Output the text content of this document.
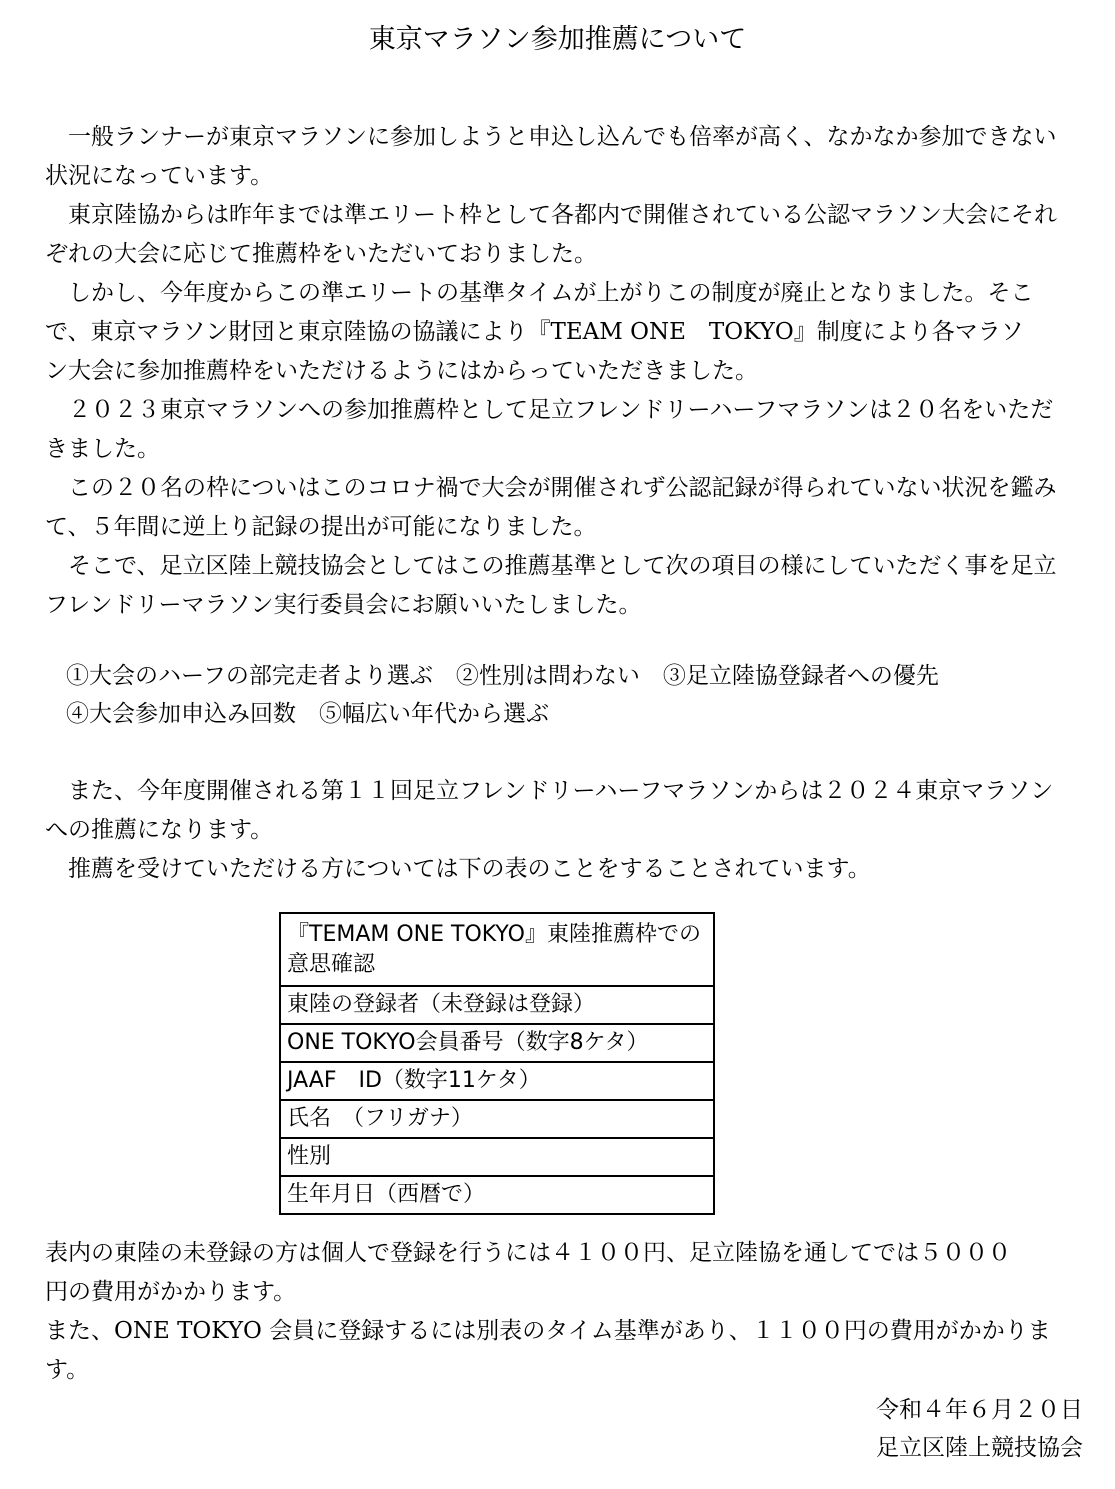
東京マラソン参加推薦について

一般ランナーが東京マラソンに参加しようと申込し込んでも倍率が高く、なかなか参加できない状況になっています。

東京陸協からは昨年までは準エリート枠として各都内で開催されている公認マラソン大会にそれぞれの大会に応じて推薦枠をいただいておりました。

しかし、今年度からこの準エリートの基準タイムが上がりこの制度が廃止となりました。そこで、東京マラソン財団と東京陸協の協議により『TEAM ONE　TOKYO』制度により各マラソン大会に参加推薦枠をいただけるようにはからっていただきました。

２０２３東京マラソンへの参加推薦枠として足立フレンドリーハーフマラソンは２０名をいただきました。

この２０名の枠についはこのコロナ禍で大会が開催されず公認記録が得られていない状況を鑑みて、５年間に逆上り記録の提出が可能になりました。

そこで、足立区陸上競技協会としてはこの推薦基準として次の項目の様にしていただく事を足立フレンドリーマラソン実行委員会にお願いいたしました。

①大会のハーフの部完走者より選ぶ　②性別は問わない　③足立陸協登録者への優先
④大会参加申込み回数　⑤幅広い年代から選ぶ

また、今年度開催される第１１回足立フレンドリーハーフマラソンからは２０２４東京マラソンへの推薦になります。

推薦を受けていただける方については下の表のことをすることされています。

『TEMAM ONE TOKYO』東陸推薦枠での意思確認
東陸の登録者（未登録は登録）
ONE TOKYO会員番号（数字8ケタ）
JAAF　ID（数字11ケタ）
氏名　（フリガナ）
性別
生年月日（西暦で）

表内の東陸の未登録の方は個人で登録を行うには４１００円、足立陸協を通してでは５０００円の費用がかかります。

また、ONE TOKYO 会員に登録するには別表のタイム基準があり、１１００円の費用がかかります。

令和４年６月２０日
足立区陸上競技協会
